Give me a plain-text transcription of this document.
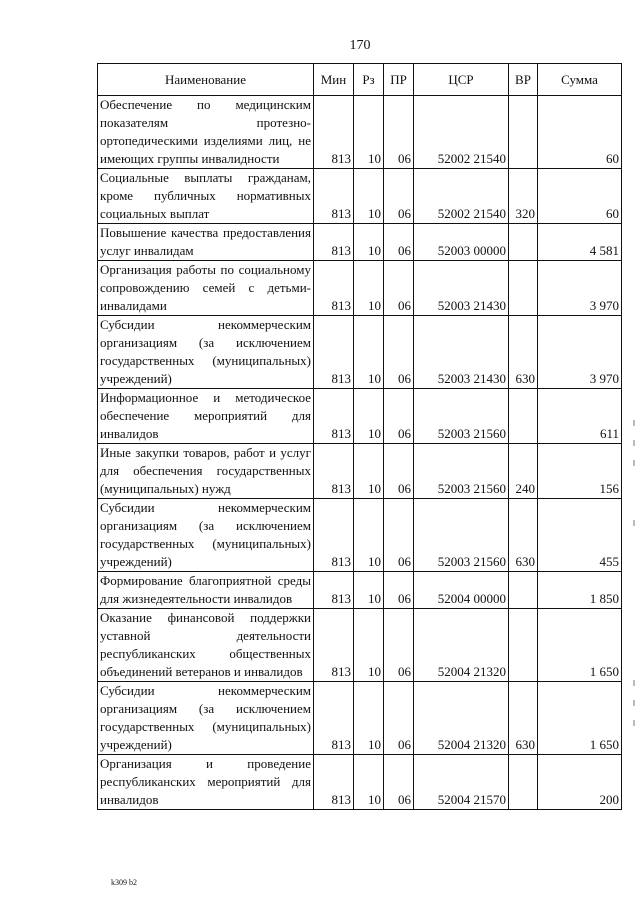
170
Наименование	Мин	Рз	ПР	ЦСР	ВР	Сумма
Обеспечение по медицинским показателям протезно-ортопедическими изделиями лиц, не имеющих группы инвалидности	813	10	06	52002 21540		60
Социальные выплаты гражданам, кроме публичных нормативных социальных выплат	813	10	06	52002 21540	320	60
Повышение качества предоставления услуг инвалидам	813	10	06	52003 00000		4 581
Организация работы по социальному сопровождению семей с детьми-инвалидами	813	10	06	52003 21430		3 970
Субсидии некоммерческим организациям (за исключением государственных (муниципальных) учреждений)	813	10	06	52003 21430	630	3 970
Информационное и методическое обеспечение мероприятий для инвалидов	813	10	06	52003 21560		611
Иные закупки товаров, работ и услуг для обеспечения государственных (муниципальных) нужд	813	10	06	52003 21560	240	156
Субсидии некоммерческим организациям (за исключением государственных (муниципальных) учреждений)	813	10	06	52003 21560	630	455
Формирование благоприятной среды для жизнедеятельности инвалидов	813	10	06	52004 00000		1 850
Оказание финансовой поддержки уставной деятельности республиканских общественных объединений ветеранов и инвалидов	813	10	06	52004 21320		1 650
Субсидии некоммерческим организациям (за исключением государственных (муниципальных) учреждений)	813	10	06	52004 21320	630	1 650
Организация и проведение республиканских мероприятий для инвалидов	813	10	06	52004 21570		200
k309 b2
